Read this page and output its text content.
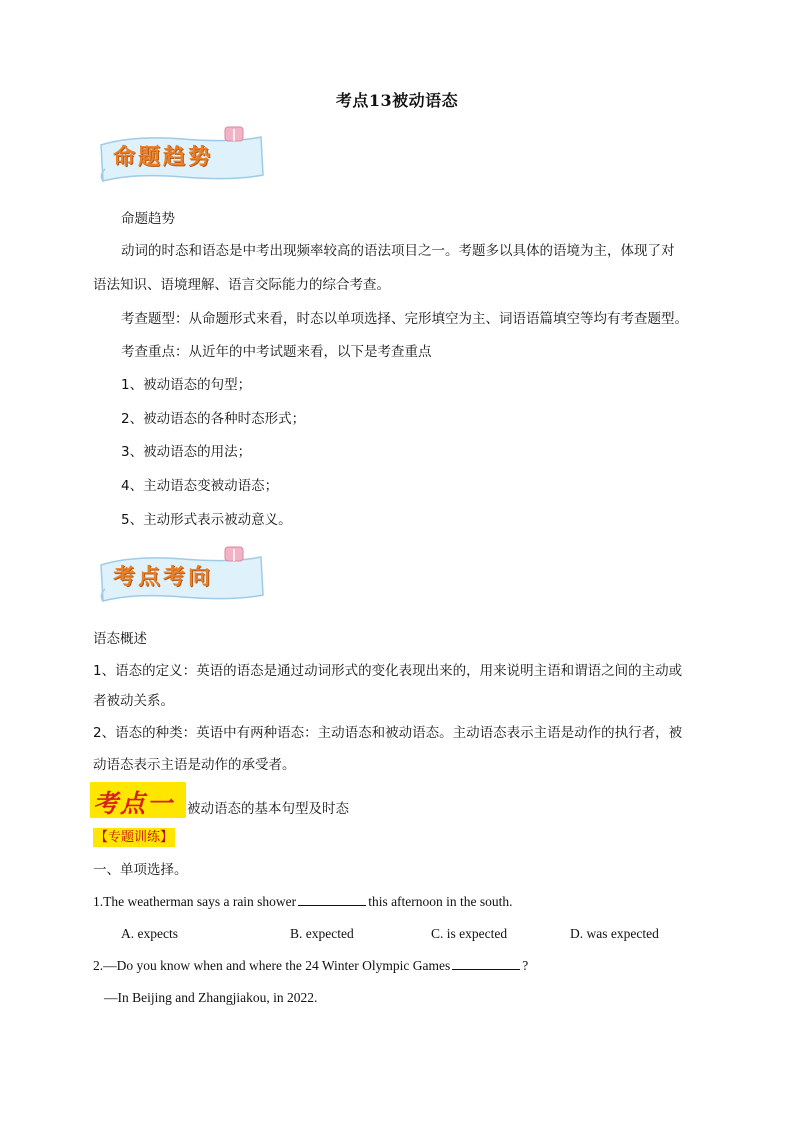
考点13被动语态
命题趋势
命题趋势
动词的时态和语态是中考出现频率较高的语法项目之一。考题多以具体的语境为主，体现了对
语法知识、语境理解、语言交际能力的综合考查。
考查题型：从命题形式来看，时态以单项选择、完形填空为主、词语语篇填空等均有考查题型。
考查重点：从近年的中考试题来看，以下是考查重点
1、被动语态的句型；
2、被动语态的各种时态形式；
3、被动语态的用法；
4、主动语态变被动语态；
5、主动形式表示被动意义。
考点考向
语态概述
1、语态的定义：英语的语态是通过动词形式的变化表现出来的，用来说明主语和谓语之间的主动或
者被动关系。
2、语态的种类：英语中有两种语态：主动语态和被动语态。主动语态表示主语是动作的执行者，被
动语态表示主语是动作的承受者。
考点一 被动语态的基本句型及时态
【专题训练】
一、单项选择。
1.The weatherman says a rain shower	this afternoon in the south.
A. expects	B. expected	C. is expected	D. was expected
2.—Do you know when and where the 24 Winter Olympic Games	?
—In Beijing and Zhangjiakou, in 2022.
